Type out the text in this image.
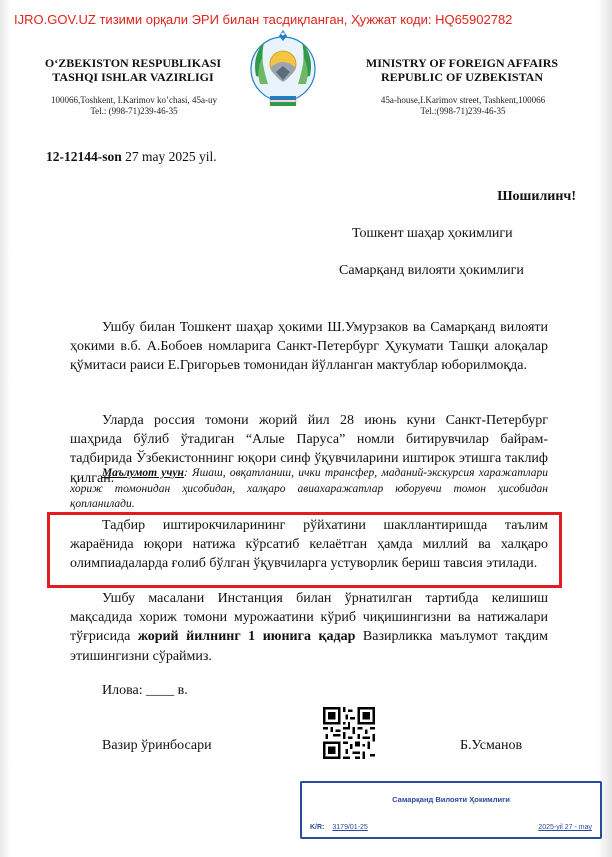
IJRO.GOV.UZ тизими орқали ЭРИ билан тасдиқланган, Ҳужжат коди: HQ65902782
O‘ZBEKISTON RESPUBLIKASI
TASHQI ISHLAR VAZIRLIGI
100066,Toshkent, I.Karimov ko’chasi, 45a-uy
Tel.: (998-71)239-46-35
MINISTRY OF FOREIGN AFFAIRS
REPUBLIC OF UZBEKISTAN
45a-house,I.Karimov street, Tashkent,100066
Tel.:(998-71)239-46-35
12-12144-son 27 may 2025 yil.
Шошилинч!
Тошкент шаҳар ҳокимлиги
Самарқанд вилояти ҳокимлиги
Ушбу билан Тошкент шаҳар ҳокими Ш.Умурзаков ва Самарқанд вилояти ҳокими в.б. А.Бобоев номларига Санкт-Петербург Ҳукумати Ташқи алоқалар қўмитаси раиси Е.Григорьев томонидан йўлланган мактублар юборилмоқда.
Уларда россия томони жорий йил 28 июнь куни Санкт-Петербург шаҳрида бўлиб ўтадиган “Алые Паруса” номли битирувчилар байрам-тадбирида Ўзбекистоннинг юқори синф ўқувчиларини иштирок этишга таклиф қилган.
Маълумот учун: Яшаш, овқатланиш, ички трансфер, маданий-экскурсия харажатлари хориж томонидан ҳисобидан, халқаро авиахаражатлар юборувчи томон ҳисобидан қопланилади.
Тадбир иштирокчиларининг рўйхатини шакллантиришда таълим жараёнида юқори натижа кўрсатиб келаётган ҳамда миллий ва халқаро олимпиадаларда ғолиб бўлган ўқувчиларга устуворлик бериш тавсия этилади.
Ушбу масалани Инстанция билан ўрнатилган тартибда келишиш мақсадида хориж томони мурожаатини кўриб чиқишингизни ва натижалари тўғрисида жорий йилнинг 1 июнига қадар Вазирликка маълумот тақдим этишингизни сўраймиз.
Илова: ____ в.
Вазир ўринбосари	Б.Усманов
Самарқанд Вилояти Ҳокимлиги
K/R: 3179/01-25	2025-yil 27 - may
